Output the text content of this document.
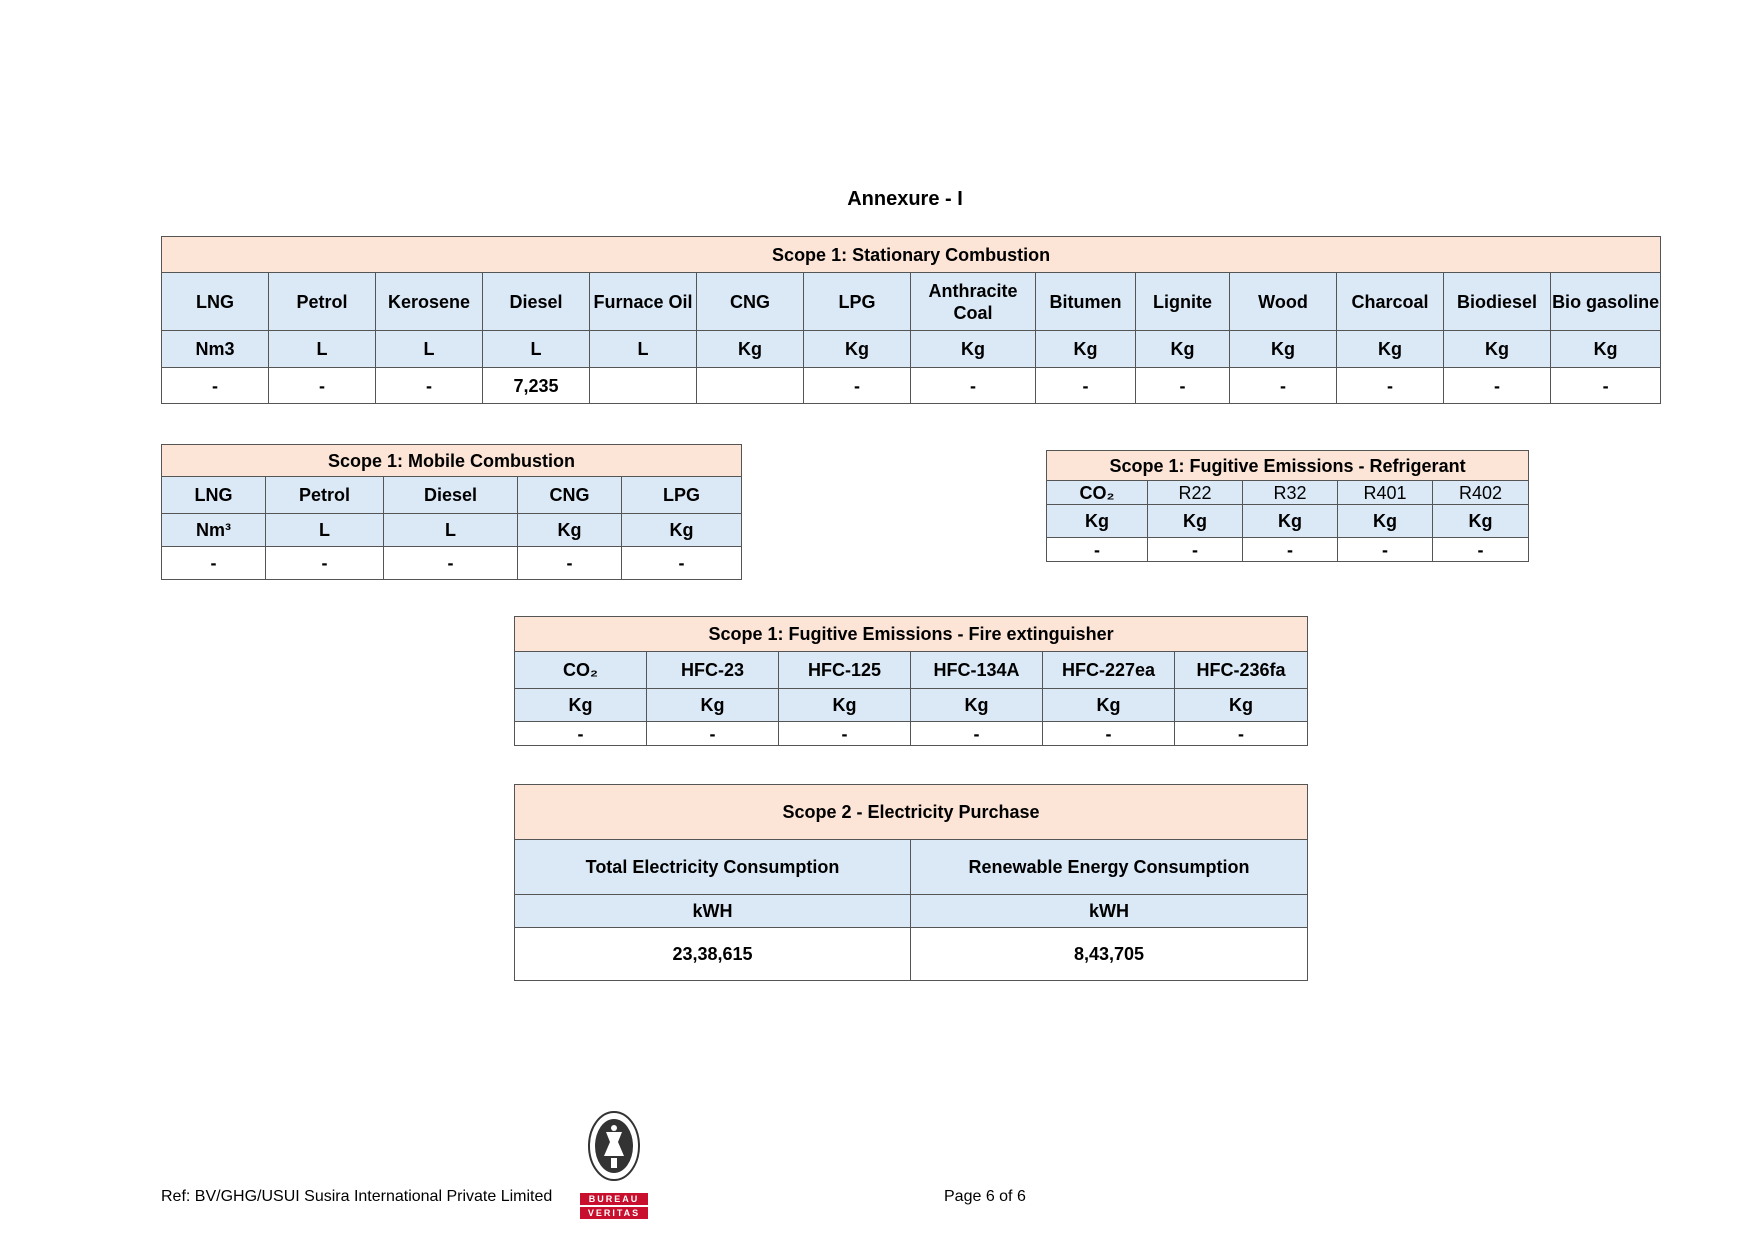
Annexure - I
Scope 1: Stationary Combustion													
LNG	Petrol	Kerosene	Diesel	Furnace Oil	CNG	LPG	Anthracite Coal	Bitumen	Lignite	Wood	Charcoal	Biodiesel	Bio gasoline
Nm3	L	L	L	L	Kg	Kg	Kg	Kg	Kg	Kg	Kg	Kg	Kg
-	-	-	7,235			-	-	-	-	-	-	-	-
Scope 1: Mobile Combustion				
LNG	Petrol	Diesel	CNG	LPG
Nm³	L	L	Kg	Kg
-	-	-	-	-
Scope 1: Fugitive Emissions - Refrigerant				
CO₂	R22	R32	R401	R402
Kg	Kg	Kg	Kg	Kg
-	-	-	-	-
Scope 1: Fugitive Emissions - Fire extinguisher					
CO₂	HFC-23	HFC-125	HFC-134A	HFC-227ea	HFC-236fa
Kg	Kg	Kg	Kg	Kg	Kg
-	-	-	-	-	-
Scope 2 - Electricity Purchase	
Total Electricity Consumption	Renewable Energy Consumption
kWH	kWH
23,38,615	8,43,705
Ref: BV/GHG/USUI Susira International Private Limited	BUREAU
VERITAS
Page 6 of 6
